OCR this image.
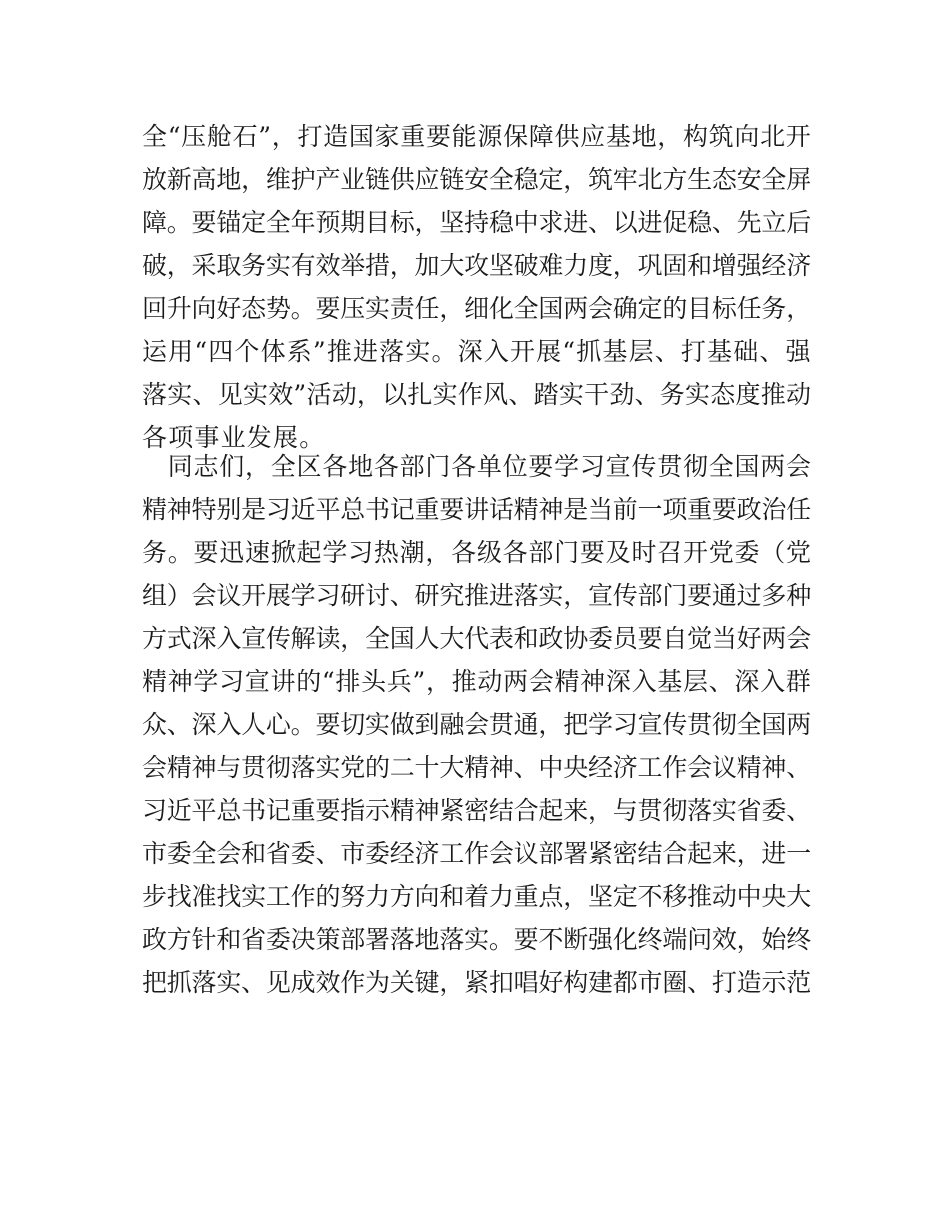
全“压舱石”，打造国家重要能源保障供应基地，构筑向北开
放新高地，维护产业链供应链安全稳定，筑牢北方生态安全屏
障。要锚定全年预期目标，坚持稳中求进、以进促稳、先立后
破，采取务实有效举措，加大攻坚破难力度，巩固和增强经济
回升向好态势。要压实责任，细化全国两会确定的目标任务，
运用“四个体系”推进落实。深入开展“抓基层、打基础、强
落实、见实效”活动，以扎实作风、踏实干劲、务实态度推动
各项事业发展。
　同志们，全区各地各部门各单位要学习宣传贯彻全国两会
精神特别是习近平总书记重要讲话精神是当前一项重要政治任
务。要迅速掀起学习热潮，各级各部门要及时召开党委（党
组）会议开展学习研讨、研究推进落实，宣传部门要通过多种
方式深入宣传解读，全国人大代表和政协委员要自觉当好两会
精神学习宣讲的“排头兵”，推动两会精神深入基层、深入群
众、深入人心。要切实做到融会贯通，把学习宣传贯彻全国两
会精神与贯彻落实党的二十大精神、中央经济工作会议精神、
习近平总书记重要指示精神紧密结合起来，与贯彻落实省委、
市委全会和省委、市委经济工作会议部署紧密结合起来，进一
步找准找实工作的努力方向和着力重点，坚定不移推动中央大
政方针和省委决策部署落地落实。要不断强化终端问效，始终
把抓落实、见成效作为关键，紧扣唱好构建都市圈、打造示范
